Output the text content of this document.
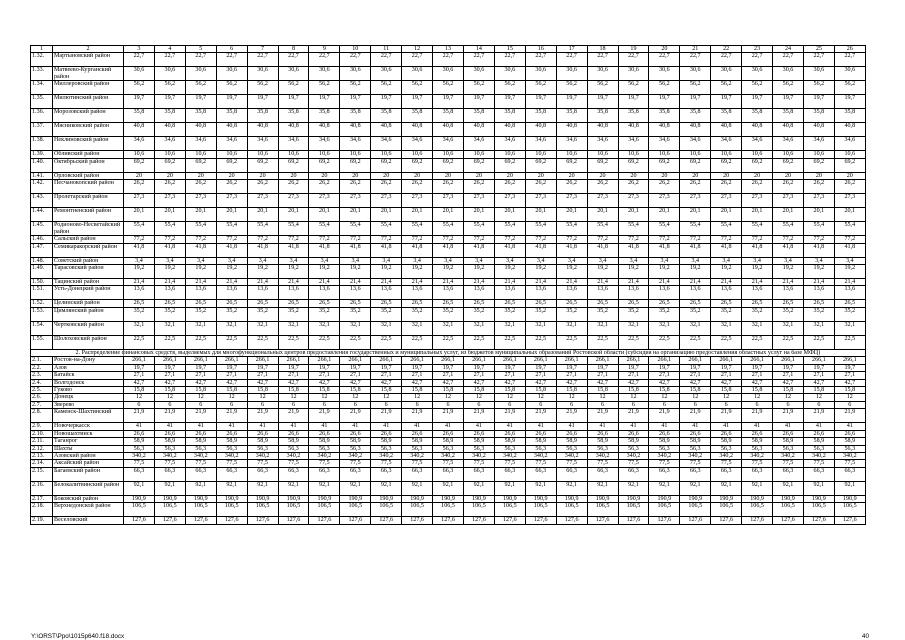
1	2	3	4	5	6	7	8	9	10	11	12	13	14	15	16	17	18	19	20	21	22	23	24	25	26
1.32.	Мартыновский район	22,7	22,7	22,7	22,7	22,7	22,7	22,7	22,7	22,7	22,7	22,7	22,7	22,7	22,7	22,7	22,7	22,7	22,7	22,7	22,7	22,7	22,7	22,7	22,7
1.33.	Матвеево-Курганский район	30,6	30,6	30,6	30,6	30,6	30,6	30,6	30,6	30,6	30,6	30,6	30,6	30,6	30,6	30,6	30,6	30,6	30,6	30,6	30,6	30,6	30,6	30,6	30,6
1.34.	Миллеровский район	56,2	56,2	56,2	56,2	56,2	56,2	56,2	56,2	56,2	56,2	56,2	56,2	56,2	56,2	56,2	56,2	56,2	56,2	56,2	56,2	56,2	56,2	56,2	56,2
1.35.	Милютинский район	19,7	19,7	19,7	19,7	19,7	19,7	19,7	19,7	19,7	19,7	19,7	19,7	19,7	19,7	19,7	19,7	19,7	19,7	19,7	19,7	19,7	19,7	19,7	19,7
1.36.	Морозовский район	35,8	35,8	35,8	35,8	35,8	35,8	35,8	35,8	35,8	35,8	35,8	35,8	35,8	35,8	35,8	35,8	35,8	35,8	35,8	35,8	35,8	35,8	35,8	35,8
1.37.	Мясниковский район	40,8	40,8	40,8	40,8	40,8	40,8	40,8	40,8	40,8	40,8	40,8	40,8	40,8	40,8	40,8	40,8	40,8	40,8	40,8	40,8	40,8	40,8	40,8	40,8
1.38.	Неклиновский район	34,6	34,6	34,6	34,6	34,6	34,6	34,6	34,6	34,6	34,6	34,6	34,6	34,6	34,6	34,6	34,6	34,6	34,6	34,6	34,6	34,6	34,6	34,6	34,6
1.39.	Обливский район	10,6	10,6	10,6	10,6	10,6	10,6	10,6	10,6	10,6	10,6	10,6	10,6	10,6	10,6	10,6	10,6	10,6	10,6	10,6	10,6	10,6	10,6	10,6	10,6
1.40.	Октябрьский район	69,2	69,2	69,2	69,2	69,2	69,2	69,2	69,2	69,2	69,2	69,2	69,2	69,2	69,2	69,2	69,2	69,2	69,2	69,2	69,2	69,2	69,2	69,2	69,2
1.41.	Орловский район	20	20	20	20	20	20	20	20	20	20	20	20	20	20	20	20	20	20	20	20	20	20	20	20
1.42.	Песчанокопский район	26,2	26,2	26,2	26,2	26,2	26,2	26,2	26,2	26,2	26,2	26,2	26,2	26,2	26,2	26,2	26,2	26,2	26,2	26,2	26,2	26,2	26,2	26,2	26,2
1.43.	Пролетарский район	27,3	27,3	27,3	27,3	27,3	27,3	27,3	27,3	27,3	27,3	27,3	27,3	27,3	27,3	27,3	27,3	27,3	27,3	27,3	27,3	27,3	27,3	27,3	27,3
1.44.	Ремонтненский район	20,1	20,1	20,1	20,1	20,1	20,1	20,1	20,1	20,1	20,1	20,1	20,1	20,1	20,1	20,1	20,1	20,1	20,1	20,1	20,1	20,1	20,1	20,1	20,1
1.45.	Родионово-Несветайский район	55,4	55,4	55,4	55,4	55,4	55,4	55,4	55,4	55,4	55,4	55,4	55,4	55,4	55,4	55,4	55,4	55,4	55,4	55,4	55,4	55,4	55,4	55,4	55,4
1.46.	Сальский район	77,2	77,2	77,2	77,2	77,2	77,2	77,2	77,2	77,2	77,2	77,2	77,2	77,2	77,2	77,2	77,2	77,2	77,2	77,2	77,2	77,2	77,2	77,2	77,2
1.47.	Семикаракорский район	41,8	41,8	41,8	41,8	41,8	41,8	41,8	41,8	41,8	41,8	41,8	41,8	41,8	41,8	41,8	41,8	41,8	41,8	41,8	41,8	41,8	41,8	41,8	41,8
1.48.	Советский район	3,4	3,4	3,4	3,4	3,4	3,4	3,4	3,4	3,4	3,4	3,4	3,4	3,4	3,4	3,4	3,4	3,4	3,4	3,4	3,4	3,4	3,4	3,4	3,4
1.49.	Тарасовский район	19,2	19,2	19,2	19,2	19,2	19,2	19,2	19,2	19,2	19,2	19,2	19,2	19,2	19,2	19,2	19,2	19,2	19,2	19,2	19,2	19,2	19,2	19,2	19,2
1.50.	Тацинский район	21,4	21,4	21,4	21,4	21,4	21,4	21,4	21,4	21,4	21,4	21,4	21,4	21,4	21,4	21,4	21,4	21,4	21,4	21,4	21,4	21,4	21,4	21,4	21,4
1.51.	Усть-Донецкий район	13,6	13,6	13,6	13,6	13,6	13,6	13,6	13,6	13,6	13,6	13,6	13,6	13,6	13,6	13,6	13,6	13,6	13,6	13,6	13,6	13,6	13,6	13,6	13,6
1.52.	Целинский район	26,5	26,5	26,5	26,5	26,5	26,5	26,5	26,5	26,5	26,5	26,5	26,5	26,5	26,5	26,5	26,5	26,5	26,5	26,5	26,5	26,5	26,5	26,5	26,5
1.53.	Цимлянский район	35,2	35,2	35,2	35,2	35,2	35,2	35,2	35,2	35,2	35,2	35,2	35,2	35,2	35,2	35,2	35,2	35,2	35,2	35,2	35,2	35,2	35,2	35,2	35,2
1.54.	Чертковский район	32,1	32,1	32,1	32,1	32,1	32,1	32,1	32,1	32,1	32,1	32,1	32,1	32,1	32,1	32,1	32,1	32,1	32,1	32,1	32,1	32,1	32,1	32,1	32,1
1.55.	Шолоховский район	22,5	22,5	22,5	22,5	22,5	22,5	22,5	22,5	22,5	22,5	22,5	22,5	22,5	22,5	22,5	22,5	22,5	22,5	22,5	22,5	22,5	22,5	22,5	22,5
2. Распределение финансовых средств, выделяемых для многофункциональных центров предоставления государственных и муниципальных услуг, из бюджетов муниципальных образований Ростовской области (субсидия на организацию предоставления областных услуг на базе МФЦ)																									
2.1.	Ростов-на-Дону	266,1	266,1	266,1	266,1	266,1	266,1	266,1	266,1	266,1	266,1	266,1	266,1	266,1	266,1	266,1	266,1	266,1	266,1	266,1	266,1	266,1	266,1	266,1	266,1
2.2.	Азов	19,7	19,7	19,7	19,7	19,7	19,7	19,7	19,7	19,7	19,7	19,7	19,7	19,7	19,7	19,7	19,7	19,7	19,7	19,7	19,7	19,7	19,7	19,7	19,7
2.3.	Батайск	27,1	27,1	27,1	27,1	27,1	27,1	27,1	27,1	27,1	27,1	27,1	27,1	27,1	27,1	27,1	27,1	27,1	27,1	27,1	27,1	27,1	27,1	27,1	27,1
2.4.	Волгодонск	42,7	42,7	42,7	42,7	42,7	42,7	42,7	42,7	42,7	42,7	42,7	42,7	42,7	42,7	42,7	42,7	42,7	42,7	42,7	42,7	42,7	42,7	42,7	42,7
2.5.	Гуково	15,8	15,8	15,8	15,8	15,8	15,8	15,8	15,8	15,8	15,8	15,8	15,8	15,8	15,8	15,8	15,8	15,8	15,8	15,8	15,8	15,8	15,8	15,8	15,8
2.6.	Донецк	12	12	12	12	12	12	12	12	12	12	12	12	12	12	12	12	12	12	12	12	12	12	12	12
2.7.	Зверево	6	6	6	6	6	6	6	6	6	6	6	6	6	6	6	6	6	6	6	6	6	6	6	6
2.8.	Каменск-Шахтинский	21,9	21,9	21,9	21,9	21,9	21,9	21,9	21,9	21,9	21,9	21,9	21,9	21,9	21,9	21,9	21,9	21,9	21,9	21,9	21,9	21,9	21,9	21,9	21,9
2.9.	Новочеркасск	41	41	41	41	41	41	41	41	41	41	41	41	41	41	41	41	41	41	41	41	41	41	41	41
2.10.	Новошахтинск	26,6	26,6	26,6	26,6	26,6	26,6	26,6	26,6	26,6	26,6	26,6	26,6	26,6	26,6	26,6	26,6	26,6	26,6	26,6	26,6	26,6	26,6	26,6	26,6
2.11.	Таганрог	58,9	58,9	58,9	58,9	58,9	58,9	58,9	58,9	58,9	58,9	58,9	58,9	58,9	58,9	58,9	58,9	58,9	58,9	58,9	58,9	58,9	58,9	58,9	58,9
2.12.	Шахты	56,3	56,3	56,3	56,3	56,3	56,3	56,3	56,3	56,3	56,3	56,3	56,3	56,3	56,3	56,3	56,3	56,3	56,3	56,3	56,3	56,3	56,3	56,3	56,3
2.13.	Азовский район	340,2	340,2	340,2	340,2	340,2	340,2	340,2	340,2	340,2	340,2	340,2	340,2	340,2	340,2	340,2	340,2	340,2	340,2	340,2	340,2	340,2	340,2	340,2	340,2
2.14.	Аксайский район	77,5	77,5	77,5	77,5	77,5	77,5	77,5	77,5	77,5	77,5	77,5	77,5	77,5	77,5	77,5	77,5	77,5	77,5	77,5	77,5	77,5	77,5	77,5	77,5
2.15.	Багаевский район	66,3	66,3	66,3	66,3	66,3	66,3	66,3	66,3	66,3	66,3	66,3	66,3	66,3	66,3	66,3	66,3	66,3	66,3	66,3	66,3	66,3	66,3	66,3	66,3
2.16.	Белокалитвинский район	92,1	92,1	92,1	92,1	92,1	92,1	92,1	92,1	92,1	92,1	92,1	92,1	92,1	92,1	92,1	92,1	92,1	92,1	92,1	92,1	92,1	92,1	92,1	92,1
2.17.	Боковский район	190,9	190,9	190,9	190,9	190,9	190,9	190,9	190,9	190,9	190,9	190,9	190,9	190,9	190,9	190,9	190,9	190,9	190,9	190,9	190,9	190,9	190,9	190,9	190,9
2.18.	Верхнедонской район	106,5	106,5	106,5	106,5	106,5	106,5	106,5	106,5	106,5	106,5	106,5	106,5	106,5	106,5	106,5	106,5	106,5	106,5	106,5	106,5	106,5	106,5	106,5	106,5
2.19.	Веселовский	127,6	127,6	127,6	127,6	127,6	127,6	127,6	127,6	127,6	127,6	127,6	127,6	127,6	127,6	127,6	127,6	127,6	127,6	127,6	127,6	127,6	127,6	127,6	127,6
Y:\ORST\Ppo\1015p640.f18.docx	40
